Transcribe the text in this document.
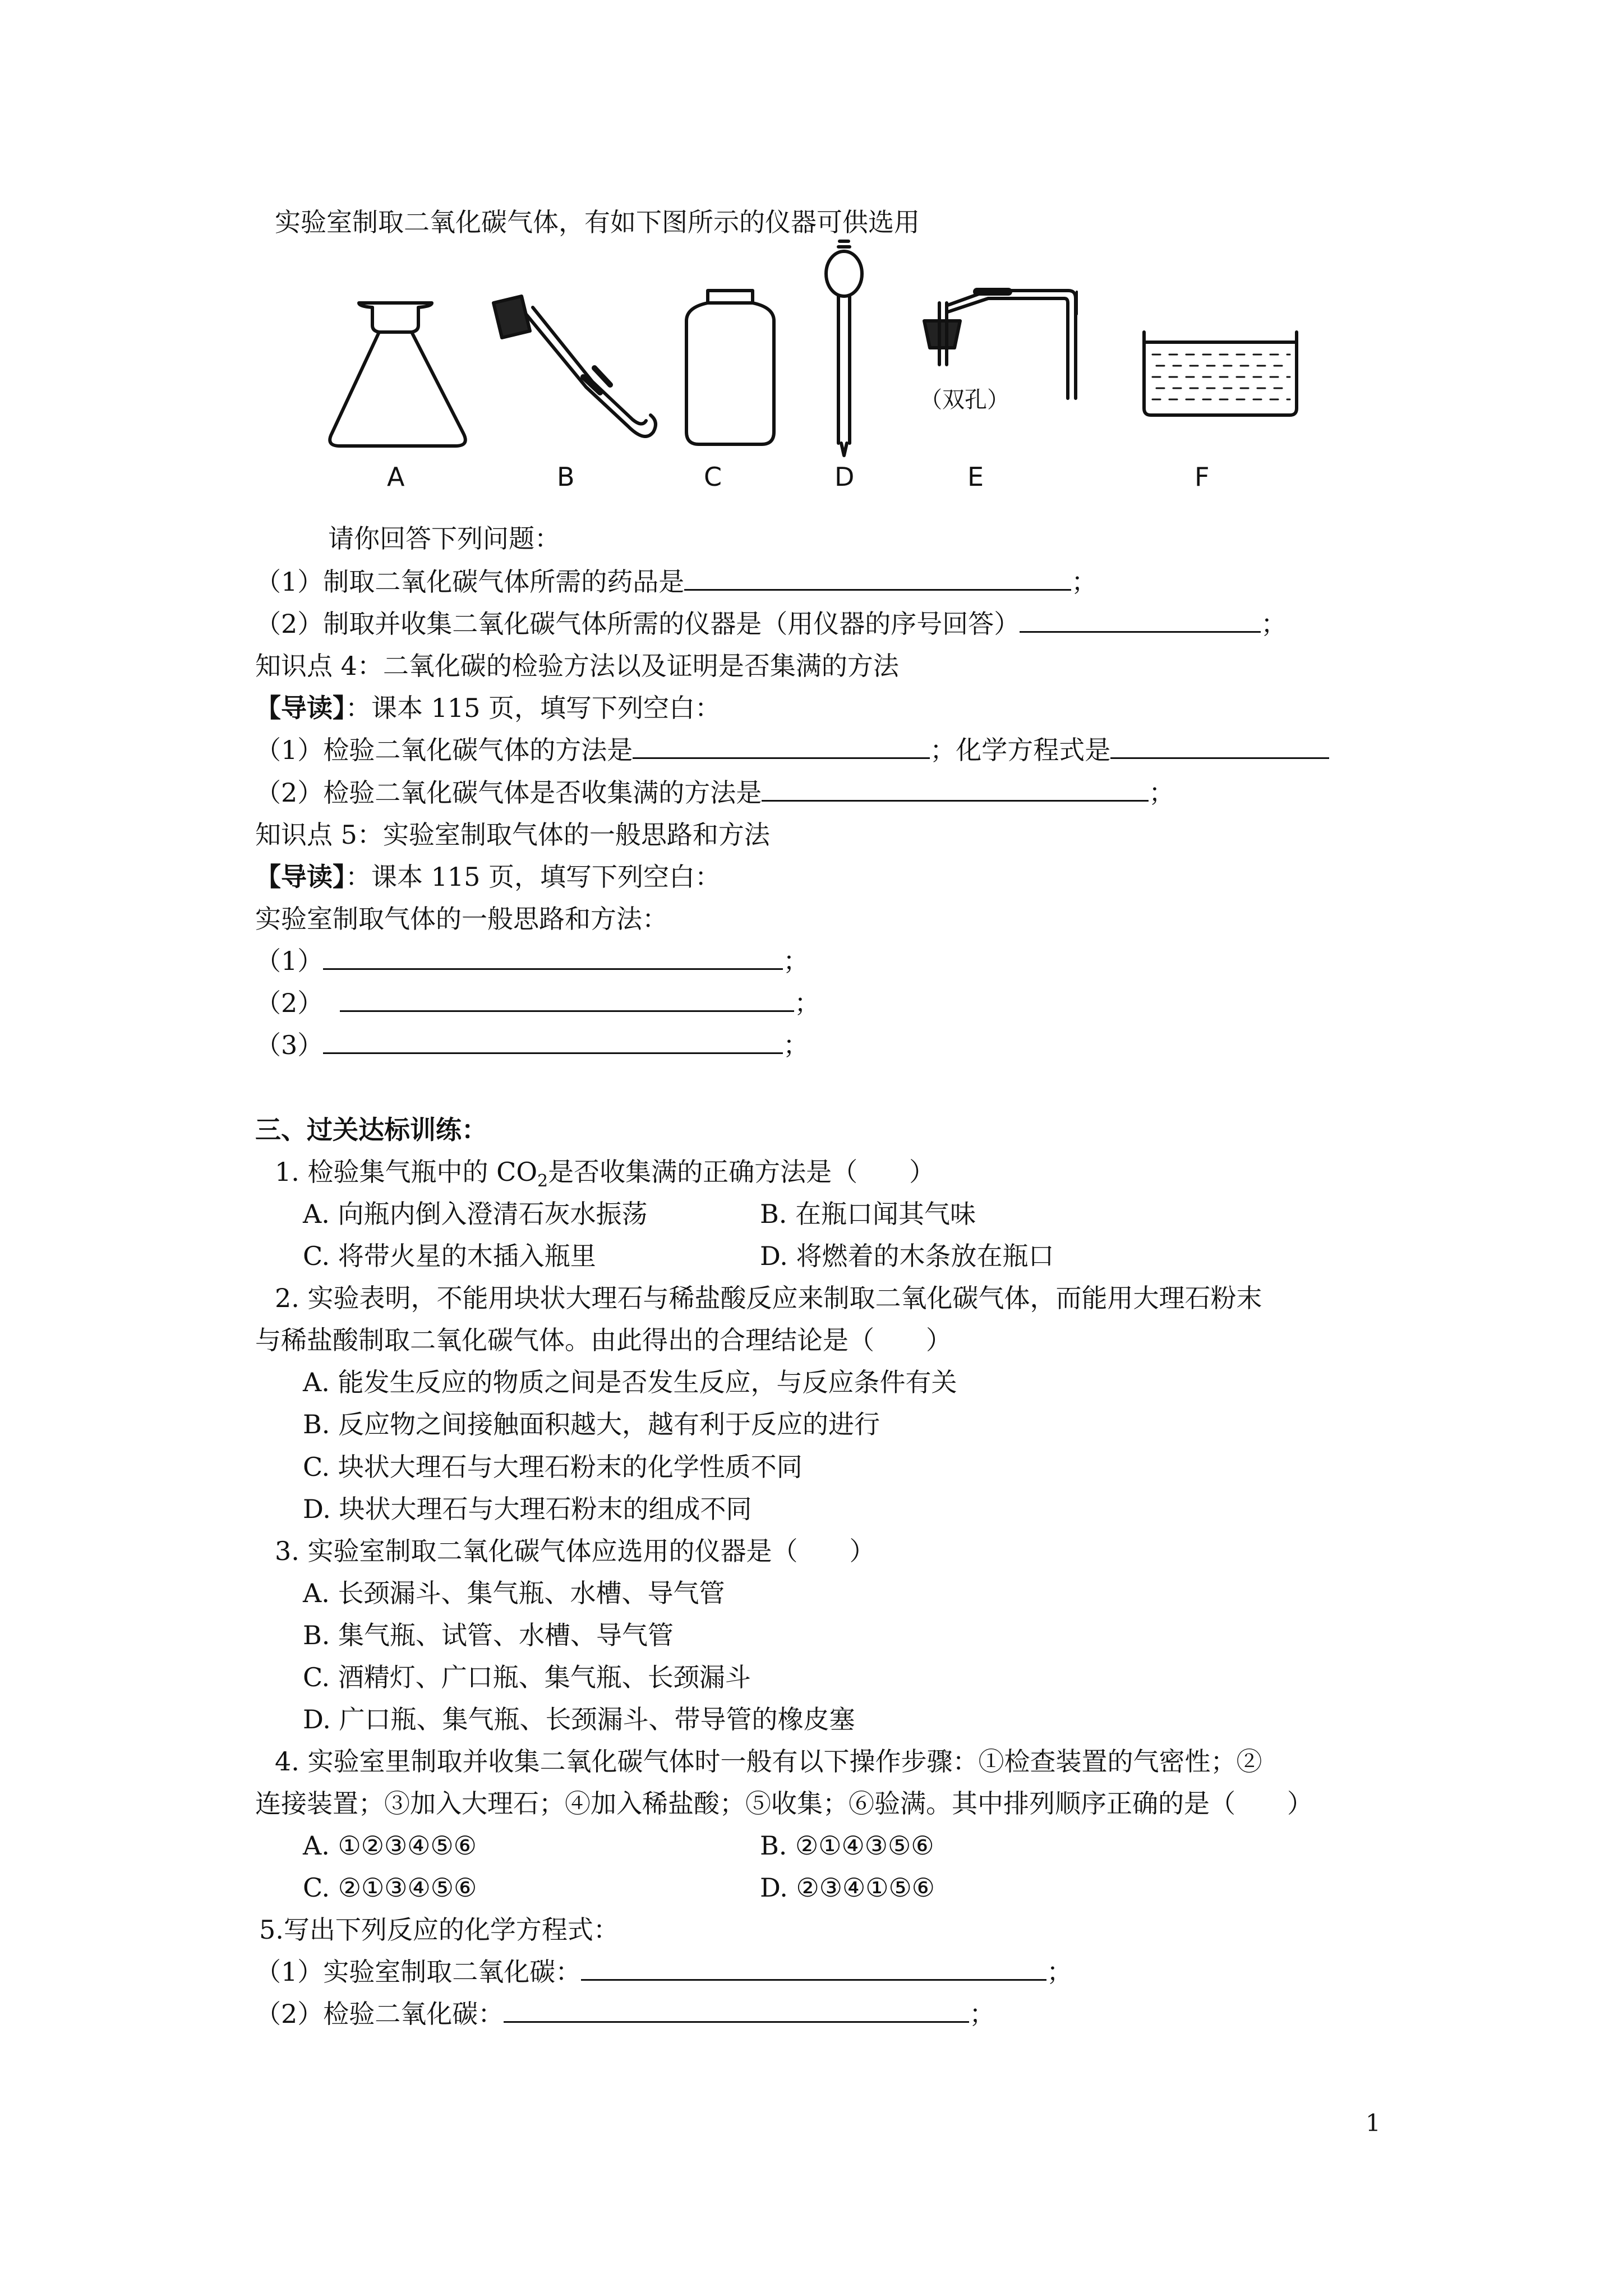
实验室制取二氧化碳气体，有如下图所示的仪器可供选用
（双孔）
A	B	C	D	E	F
请你回答下列问题：
（1）制取二氧化碳气体所需的药品是	；
（2）制取并收集二氧化碳气体所需的仪器是（用仪器的序号回答）	；
知识点 4：二氧化碳的检验方法以及证明是否集满的方法
【导读】：课本 115 页，填写下列空白：
（1）检验二氧化碳气体的方法是	；化学方程式是
（2）检验二氧化碳气体是否收集满的方法是	；
知识点 5：实验室制取气体的一般思路和方法
【导读】：课本 115 页，填写下列空白：
实验室制取气体的一般思路和方法：
（1）	；
（2）	；
（3）	；
三、过关达标训练：
1. 检验集气瓶中的 $CO_2$是否收集满的正确方法是（　　）
A. 向瓶内倒入澄清石灰水振荡	B. 在瓶口闻其气味
C. 将带火星的木插入瓶里	D. 将燃着的木条放在瓶口
2. 实验表明，不能用块状大理石与稀盐酸反应来制取二氧化碳气体，而能用大理石粉末
与稀盐酸制取二氧化碳气体。由此得出的合理结论是（　　）
A. 能发生反应的物质之间是否发生反应，与反应条件有关
B. 反应物之间接触面积越大，越有利于反应的进行
C. 块状大理石与大理石粉末的化学性质不同
D. 块状大理石与大理石粉末的组成不同
3. 实验室制取二氧化碳气体应选用的仪器是（　　）
A. 长颈漏斗、集气瓶、水槽、导气管
B. 集气瓶、试管、水槽、导气管
C. 酒精灯、广口瓶、集气瓶、长颈漏斗
D. 广口瓶、集气瓶、长颈漏斗、带导管的橡皮塞
4. 实验室里制取并收集二氧化碳气体时一般有以下操作步骤：①检查装置的气密性；②
连接装置；③加入大理石；④加入稀盐酸；⑤收集；⑥验满。其中排列顺序正确的是（　　）
A. ①②③④⑤⑥	B. ②①④③⑤⑥
C. ②①③④⑤⑥	D. ②③④①⑤⑥
5.写出下列反应的化学方程式：
（1）实验室制取二氧化碳：	；
（2）检验二氧化碳：	；
1
